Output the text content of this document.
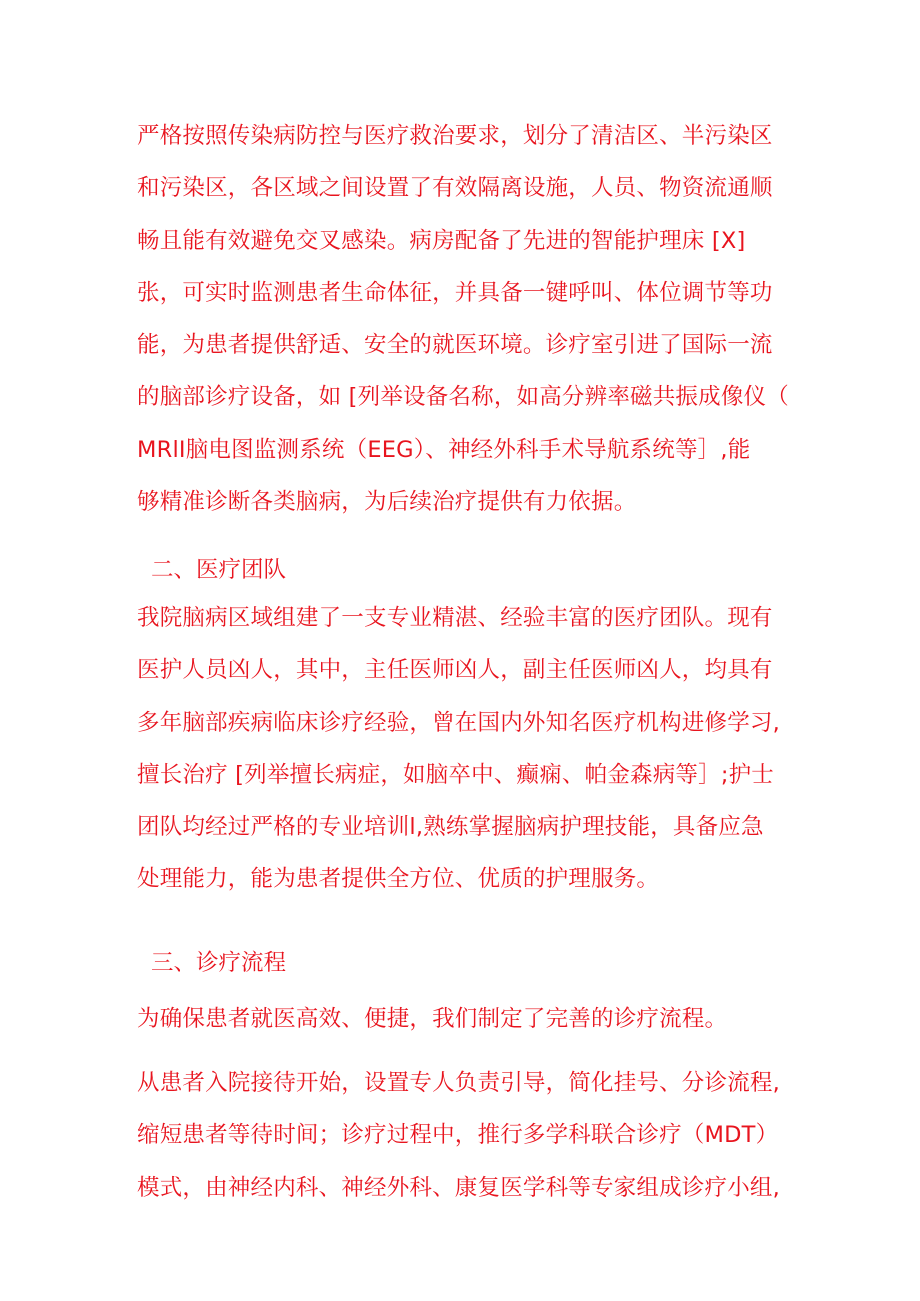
严格按照传染病防控与医疗救治要求，划分了清洁区、半污染区
和污染区，各区域之间设置了有效隔离设施，人员、物资流通顺
畅且能有效避免交叉感染。病房配备了先进的智能护理床 [X]
张，可实时监测患者生命体征，并具备一键呼叫、体位调节等功
能，为患者提供舒适、安全的就医环境。诊疗室引进了国际一流
的脑部诊疗设备，如 [列举设备名称，如高分辨率磁共振成像仪（
MRlI脑电图监测系统（EEG）、神经外科手术导航系统等］,能
够精准诊断各类脑病，为后续治疗提供有力依据。
二、医疗团队
我院脑病区域组建了一支专业精湛、经验丰富的医疗团队。现有
医护人员凶人，其中，主任医师凶人，副主任医师凶人，均具有
多年脑部疾病临床诊疗经验，曾在国内外知名医疗机构进修学习,
擅长治疗 [列举擅长病症，如脑卒中、癫痫、帕金森病等］;护士
团队均经过严格的专业培训l,熟练掌握脑病护理技能，具备应急
处理能力，能为患者提供全方位、优质的护理服务。
三、诊疗流程
为确保患者就医高效、便捷，我们制定了完善的诊疗流程。
从患者入院接待开始，设置专人负责引导，简化挂号、分诊流程,
缩短患者等待时间；诊疗过程中，推行多学科联合诊疗（MDT）
模式，由神经内科、神经外科、康复医学科等专家组成诊疗小组,
